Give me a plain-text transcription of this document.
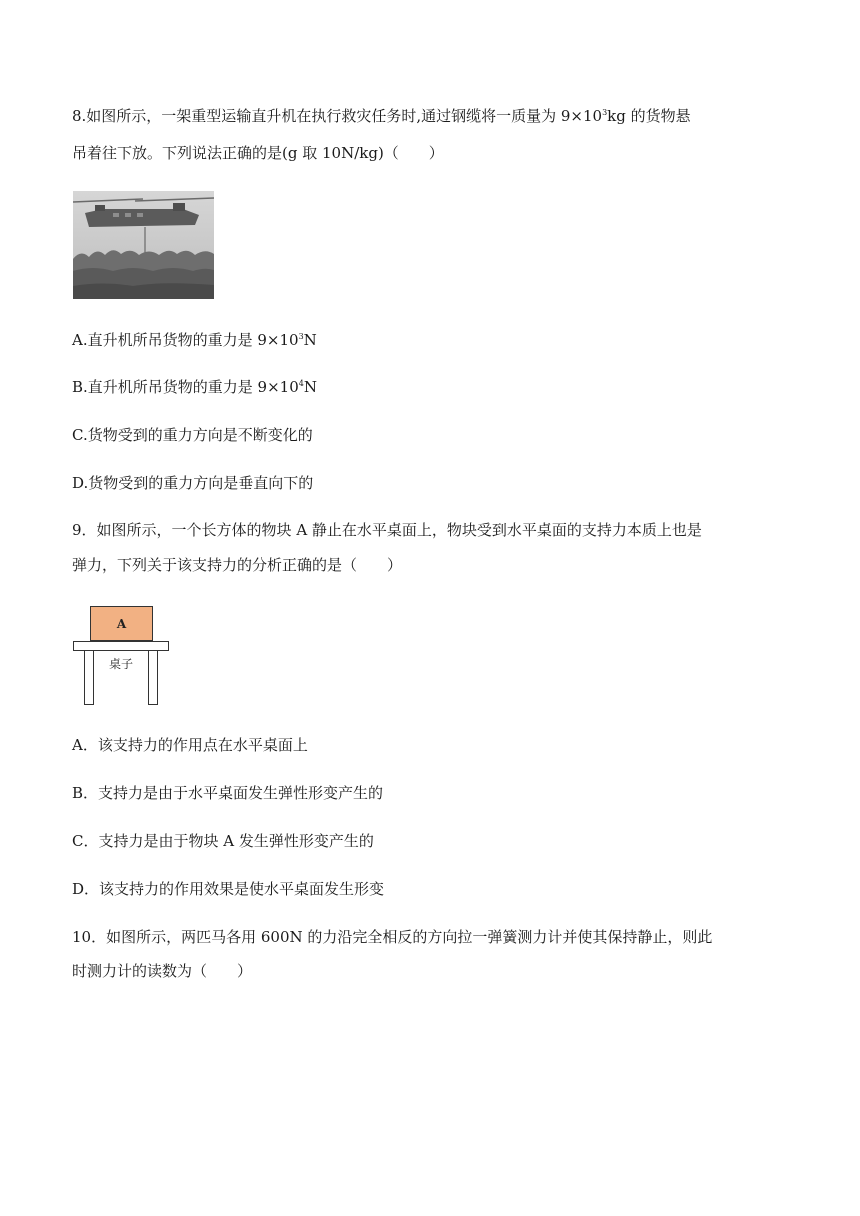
8.如图所示，一架重型运输直升机在执行救灾任务时,通过钢缆将一质量为 $9\times 10^3kg$ 的货物悬
吊着往下放。下列说法正确的是(g 取 10N/kg)（　　）
A.直升机所吊货物的重力是 $9\times 10^3N$
B.直升机所吊货物的重力是 $9\times 10^4N$
C.货物受到的重力方向是不断变化的
D.货物受到的重力方向是垂直向下的
9．如图所示，一个长方体的物块 A 静止在水平桌面上，物块受到水平桌面的支持力本质上也是
弹力，下列关于该支持力的分析正确的是（　　）
A
桌子
A．该支持力的作用点在水平桌面上
B．支持力是由于水平桌面发生弹性形变产生的
C．支持力是由于物块 A 发生弹性形变产生的
D．该支持力的作用效果是使水平桌面发生形变
10．如图所示，两匹马各用 600N 的力沿完全相反的方向拉一弹簧测力计并使其保持静止，则此
时测力计的读数为（　　）
